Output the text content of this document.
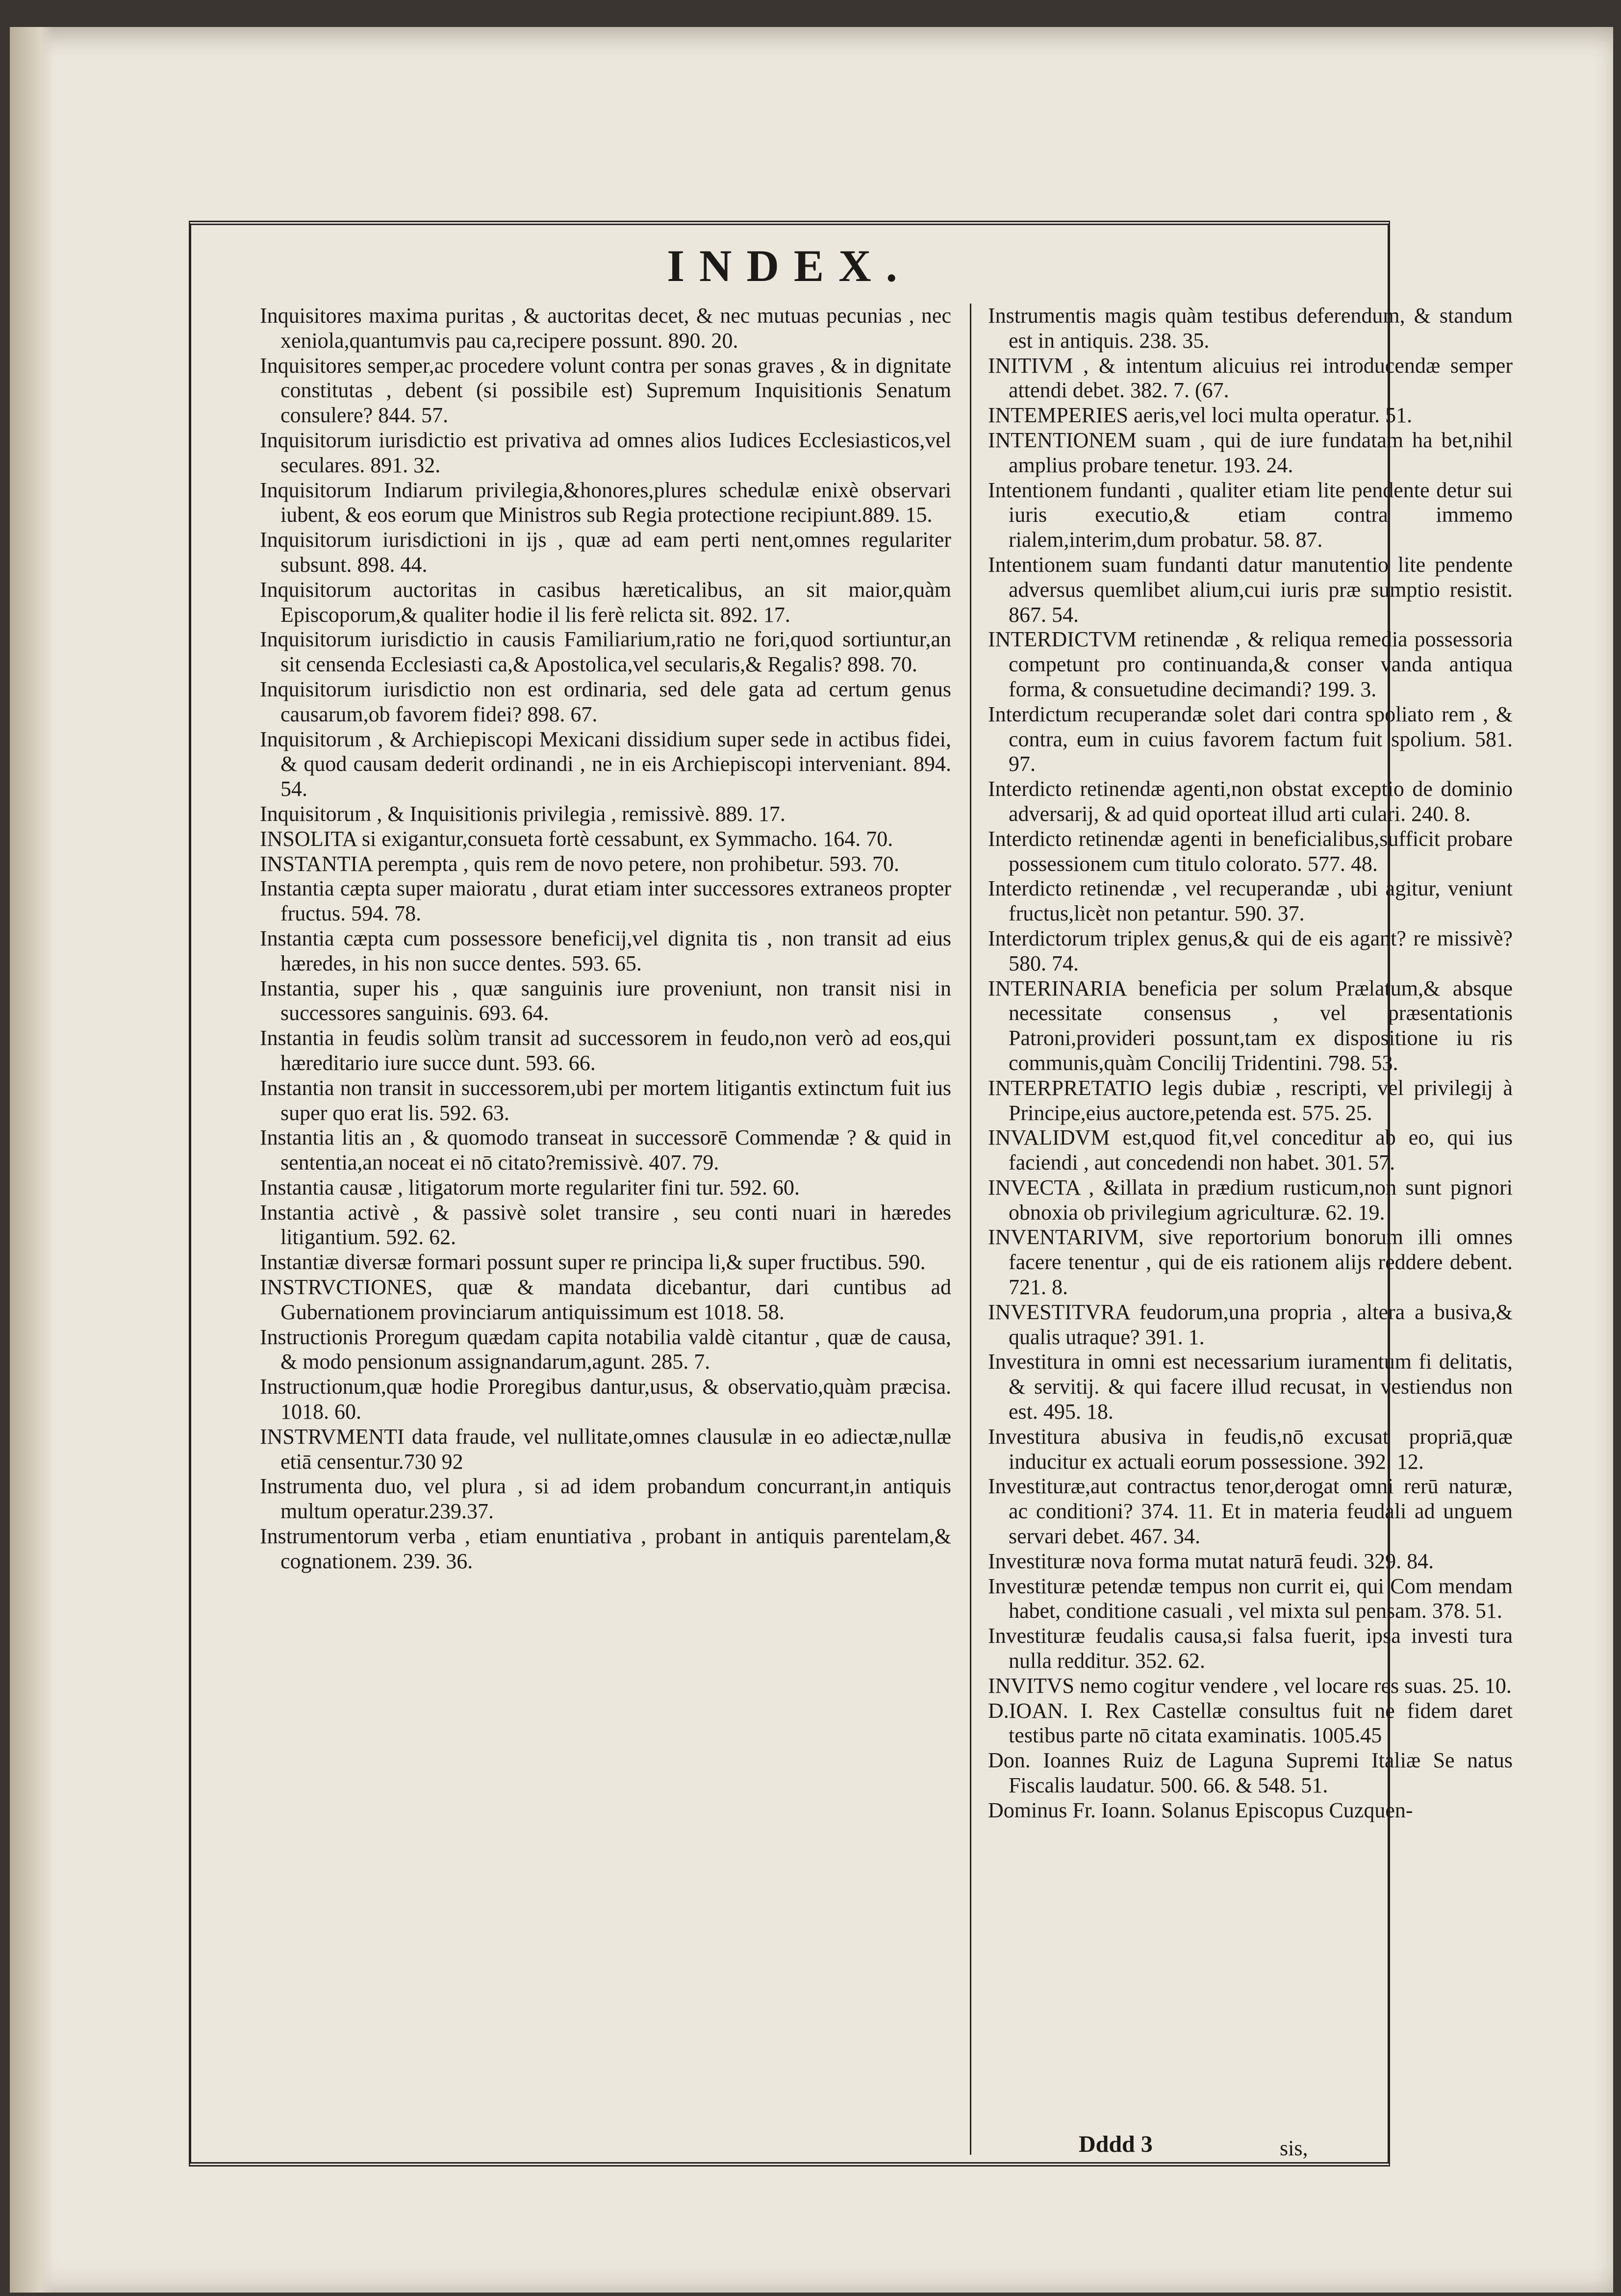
INDEX.
Inquisitores maxima puritas , & auctoritas decet, & nec mutuas pecunias , nec xeniola,quantumvis pau ca,recipere possunt. 890. 20.
Inquisitores semper,ac procedere volunt contra per sonas graves , & in dignitate constitutas , debent (si possibile est) Supremum Inquisitionis Senatum consulere? 844. 57.
Inquisitorum iurisdictio est privativa ad omnes alios Iudices Ecclesiasticos,vel seculares. 891. 32.
Inquisitorum Indiarum privilegia,&honores,plures schedulæ enixè observari iubent, & eos eorum que Ministros sub Regia protectione recipiunt.889. 15.
Inquisitorum iurisdictioni in ijs , quæ ad eam perti nent,omnes regulariter subsunt. 898. 44.
Inquisitorum auctoritas in casibus hæreticalibus, an sit maior,quàm Episcoporum,& qualiter hodie il lis ferè relicta sit. 892. 17.
Inquisitorum iurisdictio in causis Familiarium,ratio ne fori,quod sortiuntur,an sit censenda Ecclesiasti ca,& Apostolica,vel secularis,& Regalis? 898. 70.
Inquisitorum iurisdictio non est ordinaria, sed dele gata ad certum genus causarum,ob favorem fidei? 898. 67.
Inquisitorum , & Archiepiscopi Mexicani dissidium super sede in actibus fidei, & quod causam dederit ordinandi , ne in eis Archiepiscopi interveniant. 894. 54.
Inquisitorum , & Inquisitionis privilegia , remissivè. 889. 17.
INSOLITA si exigantur,consueta fortè cessabunt, ex Symmacho. 164. 70.
INSTANTIA perempta , quis rem de novo petere, non prohibetur. 593. 70.
Instantia cæpta super maioratu , durat etiam inter successores extraneos propter fructus. 594. 78.
Instantia cæpta cum possessore beneficij,vel dignita tis , non transit ad eius hæredes, in his non succe dentes. 593. 65.
Instantia, super his , quæ sanguinis iure proveniunt, non transit nisi in successores sanguinis. 693. 64.
Instantia in feudis solùm transit ad successorem in feudo,non verò ad eos,qui hæreditario iure succe dunt. 593. 66.
Instantia non transit in successorem,ubi per mortem litigantis extinctum fuit ius super quo erat lis. 592. 63.
Instantia litis an , & quomodo transeat in successorē Commendæ ? & quid in sententia,an noceat ei nō citato?remissivè. 407. 79.
Instantia causæ , litigatorum morte regulariter fini tur. 592. 60.
Instantia activè , & passivè solet transire , seu conti nuari in hæredes litigantium. 592. 62.
Instantiæ diversæ formari possunt super re principa li,& super fructibus. 590.
INSTRVCTIONES, quæ & mandata dicebantur, dari cuntibus ad Gubernationem provinciarum antiquissimum est 1018. 58.
Instructionis Proregum quædam capita notabilia valdè citantur , quæ de causa, & modo pensionum assignandarum,agunt. 285. 7.
Instructionum,quæ hodie Proregibus dantur,usus, & observatio,quàm præcisa. 1018. 60.
INSTRVMENTI data fraude, vel nullitate,omnes clausulæ in eo adiectæ,nullæ etiā censentur.730 92
Instrumenta duo, vel plura , si ad idem probandum concurrant,in antiquis multum operatur.239.37.
Instrumentorum verba , etiam enuntiativa , probant in antiquis parentelam,& cognationem. 239. 36.
Instrumentis magis quàm testibus deferendum, & standum est in antiquis. 238. 35.
INITIVM , & intentum alicuius rei introducendæ semper attendi debet. 382. 7. (67.
INTEMPERIES aeris,vel loci multa operatur. 51.
INTENTIONEM suam , qui de iure fundatam ha bet,nihil amplius probare tenetur. 193. 24.
Intentionem fundanti , qualiter etiam lite pendente detur sui iuris executio,& etiam contra immemo rialem,interim,dum probatur. 58. 87.
Intentionem suam fundanti datur manutentio lite pendente adversus quemlibet alium,cui iuris præ sumptio resistit. 867. 54.
INTERDICTVM retinendæ , & reliqua remedia possessoria competunt pro continuanda,& conser vanda antiqua forma, & consuetudine decimandi? 199. 3.
Interdictum recuperandæ solet dari contra spoliato rem , & contra, eum in cuius favorem factum fuit spolium. 581. 97.
Interdicto retinendæ agenti,non obstat exceptio de dominio adversarij, & ad quid oporteat illud arti culari. 240. 8.
Interdicto retinendæ agenti in beneficialibus,sufficit probare possessionem cum titulo colorato. 577. 48.
Interdicto retinendæ , vel recuperandæ , ubi agitur, veniunt fructus,licèt non petantur. 590. 37.
Interdictorum triplex genus,& qui de eis agant? re missivè? 580. 74.
INTERINARIA beneficia per solum Prælatum,& absque necessitate consensus , vel præsentationis Patroni,provideri possunt,tam ex dispositione iu ris communis,quàm Concilij Tridentini. 798. 53.
INTERPRETATIO legis dubiæ , rescripti, vel privilegij à Principe,eius auctore,petenda est. 575. 25.
INVALIDVM est,quod fit,vel conceditur ab eo, qui ius faciendi , aut concedendi non habet. 301. 57.
INVECTA , &illata in prædium rusticum,non sunt pignori obnoxia ob privilegium agriculturæ. 62. 19.
INVENTARIVM, sive reportorium bonorum illi omnes facere tenentur , qui de eis rationem alijs reddere debent. 721. 8.
INVESTITVRA feudorum,una propria , altera a busiva,& qualis utraque? 391. 1.
Investitura in omni est necessarium iuramentum fi delitatis, & servitij. & qui facere illud recusat, in vestiendus non est. 495. 18.
Investitura abusiva in feudis,nō excusat propriā,quæ inducitur ex actuali eorum possessione. 392. 12.
Investituræ,aut contractus tenor,derogat omni rerū naturæ, ac conditioni? 374. 11. Et in materia feudali ad unguem servari debet. 467. 34.
Investituræ nova forma mutat naturā feudi. 329. 84.
Investituræ petendæ tempus non currit ei, qui Com mendam habet, conditione casuali , vel mixta sul pensam. 378. 51.
Investituræ feudalis causa,si falsa fuerit, ipsa investi tura nulla redditur. 352. 62.
INVITVS nemo cogitur vendere , vel locare res suas. 25. 10.
D.IOAN. I. Rex Castellæ consultus fuit ne fidem daret testibus parte nō citata examinatis. 1005.45
Don. Ioannes Ruiz de Laguna Supremi Italiæ Se natus Fiscalis laudatur. 500. 66. & 548. 51.
Dominus Fr. Ioann. Solanus Episcopus Cuzquen-
Dddd 3	sis,
